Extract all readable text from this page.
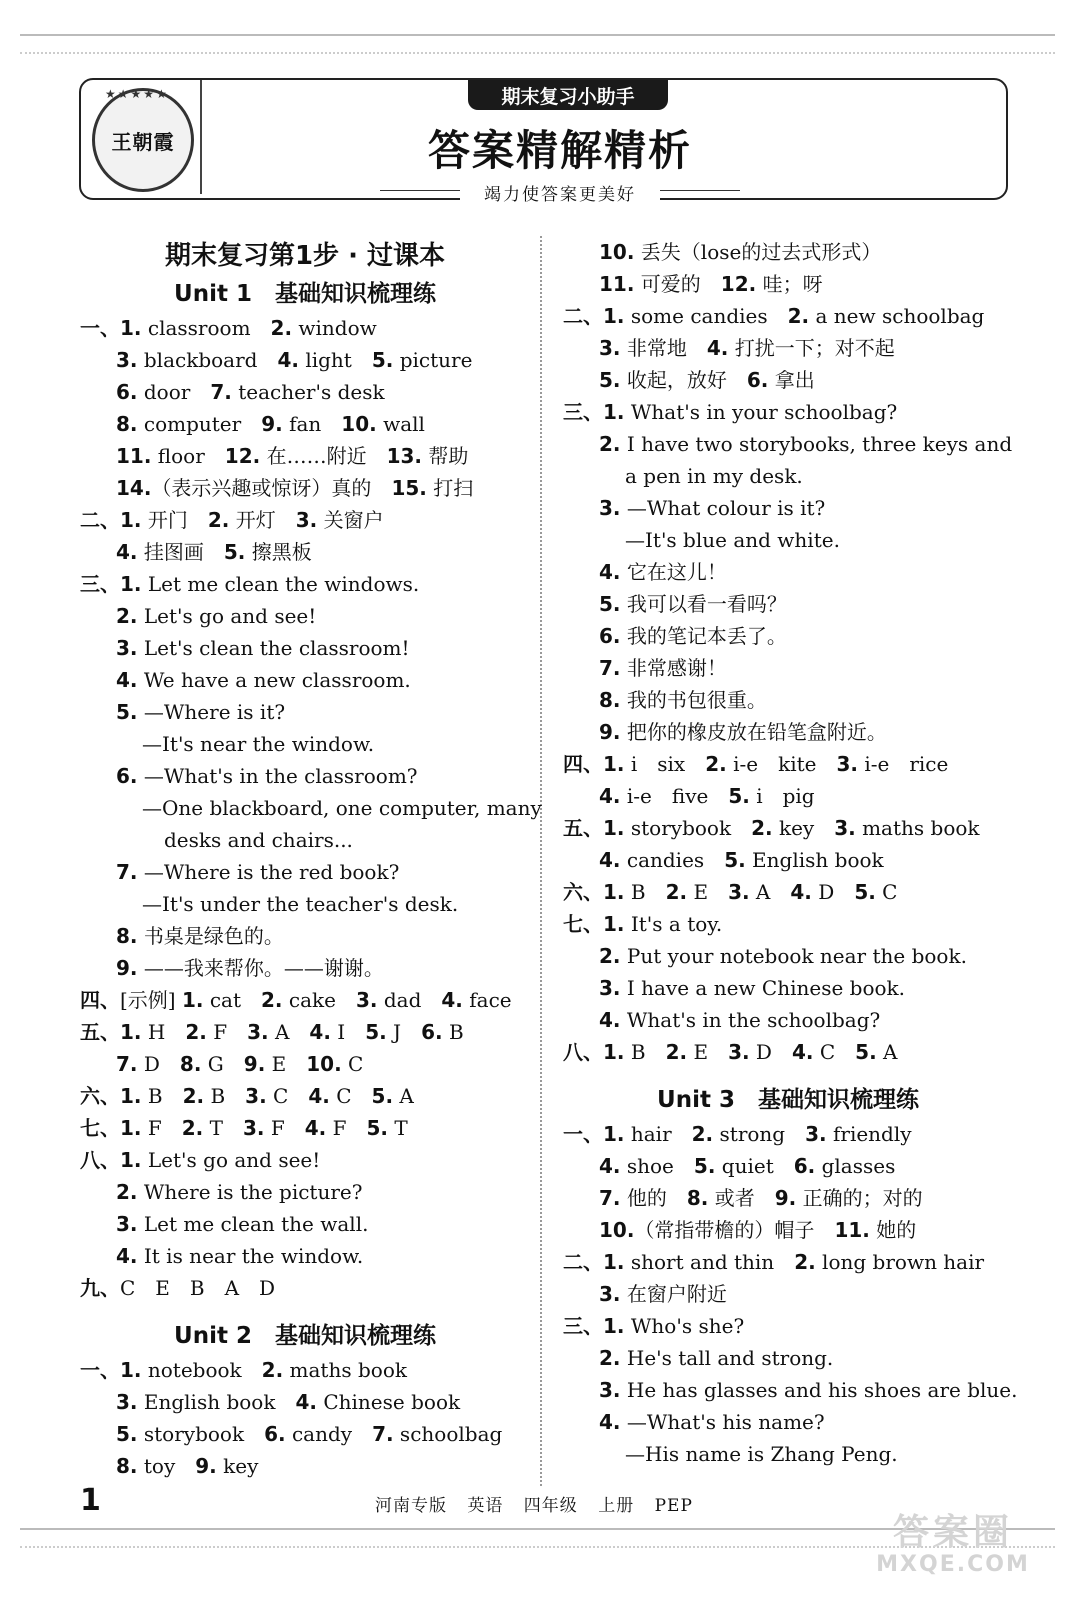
★★★★★
王朝霞
期末复习小助手
答案精解精析
竭力使答案更美好
期末复习第1步 · 过课本
Unit 1　基础知识梳理练
一、1. classroom　2. window
3. blackboard　4. light　5. picture
6. door　7. teacher's desk
8. computer　9. fan　10. wall
11. floor　12. 在……附近　13. 帮助
14.（表示兴趣或惊讶）真的　15. 打扫
二、1. 开门　2. 开灯　3. 关窗户
4. 挂图画　5. 擦黑板
三、1. Let me clean the windows.
2. Let's go and see!
3. Let's clean the classroom!
4. We have a new classroom.
5. —Where is it?
—It's near the window.
6. —What's in the classroom?
—One blackboard, one computer, many
desks and chairs...
7. —Where is the red book?
—It's under the teacher's desk.
8. 书桌是绿色的。
9. ——我来帮你。——谢谢。
四、[示例] 1. cat　2. cake　3. dad　4. face
五、1. H　2. F　3. A　4. I　5. J　6. B
7. D　8. G　9. E　10. C
六、1. B　2. B　3. C　4. C　5. A
七、1. F　2. T　3. F　4. F　5. T
八、1. Let's go and see!
2. Where is the picture?
3. Let me clean the wall.
4. It is near the window.
九、C　E　B　A　D
Unit 2　基础知识梳理练
一、1. notebook　2. maths book
3. English book　4. Chinese book
5. storybook　6. candy　7. schoolbag
8. toy　9. key
10. 丢失（lose的过去式形式）
11. 可爱的　12. 哇；呀
二、1. some candies　2. a new schoolbag
3. 非常地　4. 打扰一下；对不起
5. 收起，放好　6. 拿出
三、1. What's in your schoolbag?
2. I have two storybooks, three keys and
a pen in my desk.
3. —What colour is it?
—It's blue and white.
4. 它在这儿！
5. 我可以看一看吗？
6. 我的笔记本丢了。
7. 非常感谢！
8. 我的书包很重。
9. 把你的橡皮放在铅笔盒附近。
四、1. i　six　2. i-e　kite　3. i-e　rice
4. i-e　five　5. i　pig
五、1. storybook　2. key　3. maths book
4. candies　5. English book
六、1. B　2. E　3. A　4. D　5. C
七、1. It's a toy.
2. Put your notebook near the book.
3. I have a new Chinese book.
4. What's in the schoolbag?
八、1. B　2. E　3. D　4. C　5. A
Unit 3　基础知识梳理练
一、1. hair　2. strong　3. friendly
4. shoe　5. quiet　6. glasses
7. 他的　8. 或者　9. 正确的；对的
10.（常指带檐的）帽子　11. 她的
二、1. short and thin　2. long brown hair
3. 在窗户附近
三、1. Who's she?
2. He's tall and strong.
3. He has glasses and his shoes are blue.
4. —What's his name?
—His name is Zhang Peng.
1	河南专版 英语 四年级 上册 PEP
答案圈
MXQE.COM
